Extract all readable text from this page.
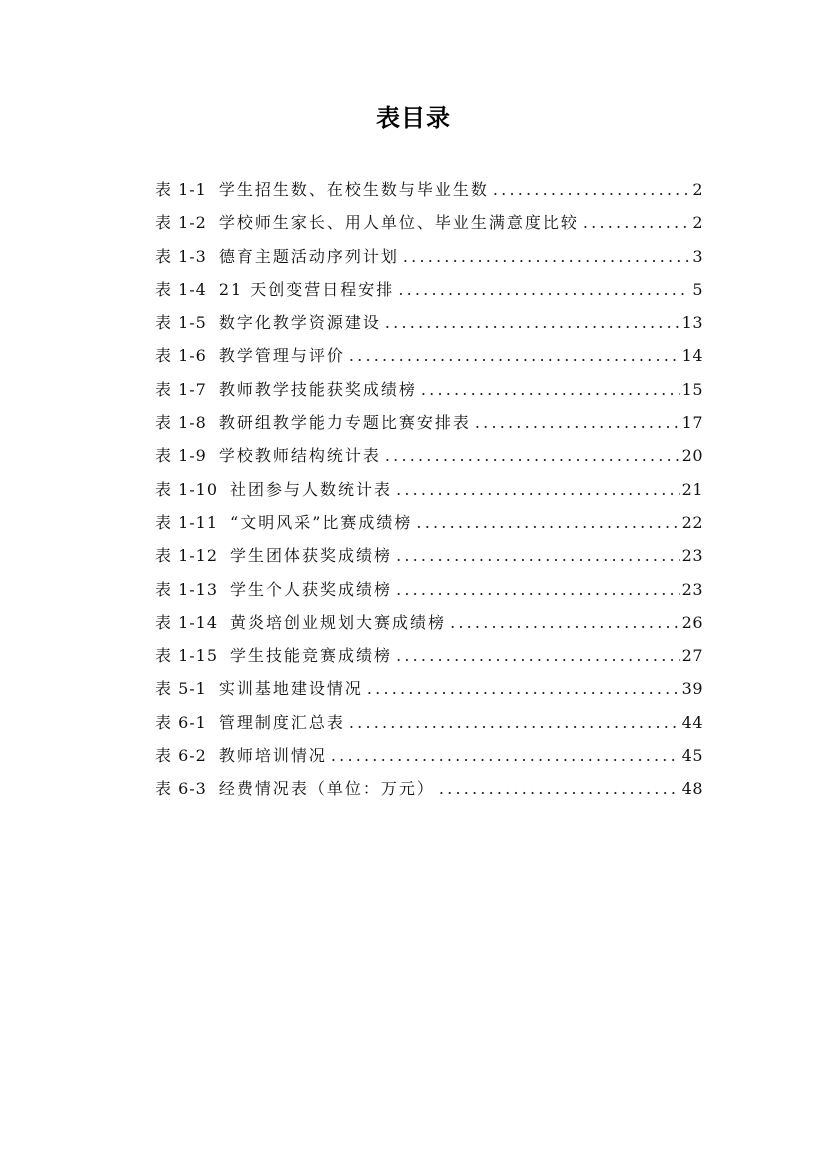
表目录
表 1-1 学生招生数、在校生数与毕业生数 .....	2
表 1-2 学校师生家长、用人单位、毕业生满意度比较 .....	2
表 1-3 德育主题活动序列计划 .....	3
表 1-4 21 天创变营日程安排 .....	5
表 1-5 数字化教学资源建设 .....	13
表 1-6 教学管理与评价 .....	14
表 1-7 教师教学技能获奖成绩榜 .....	15
表 1-8 教研组教学能力专题比赛安排表 .....	17
表 1-9 学校教师结构统计表 .....	20
表 1-10 社团参与人数统计表 .....	21
表 1-11 “文明风采”比赛成绩榜 .....	22
表 1-12 学生团体获奖成绩榜 .....	23
表 1-13 学生个人获奖成绩榜 .....	23
表 1-14 黄炎培创业规划大赛成绩榜 .....	26
表 1-15 学生技能竞赛成绩榜 .....	27
表 5-1 实训基地建设情况 .....	39
表 6-1 管理制度汇总表 .....	44
表 6-2 教师培训情况 .....	45
表 6-3 经费情况表（单位：万元） .....	48
